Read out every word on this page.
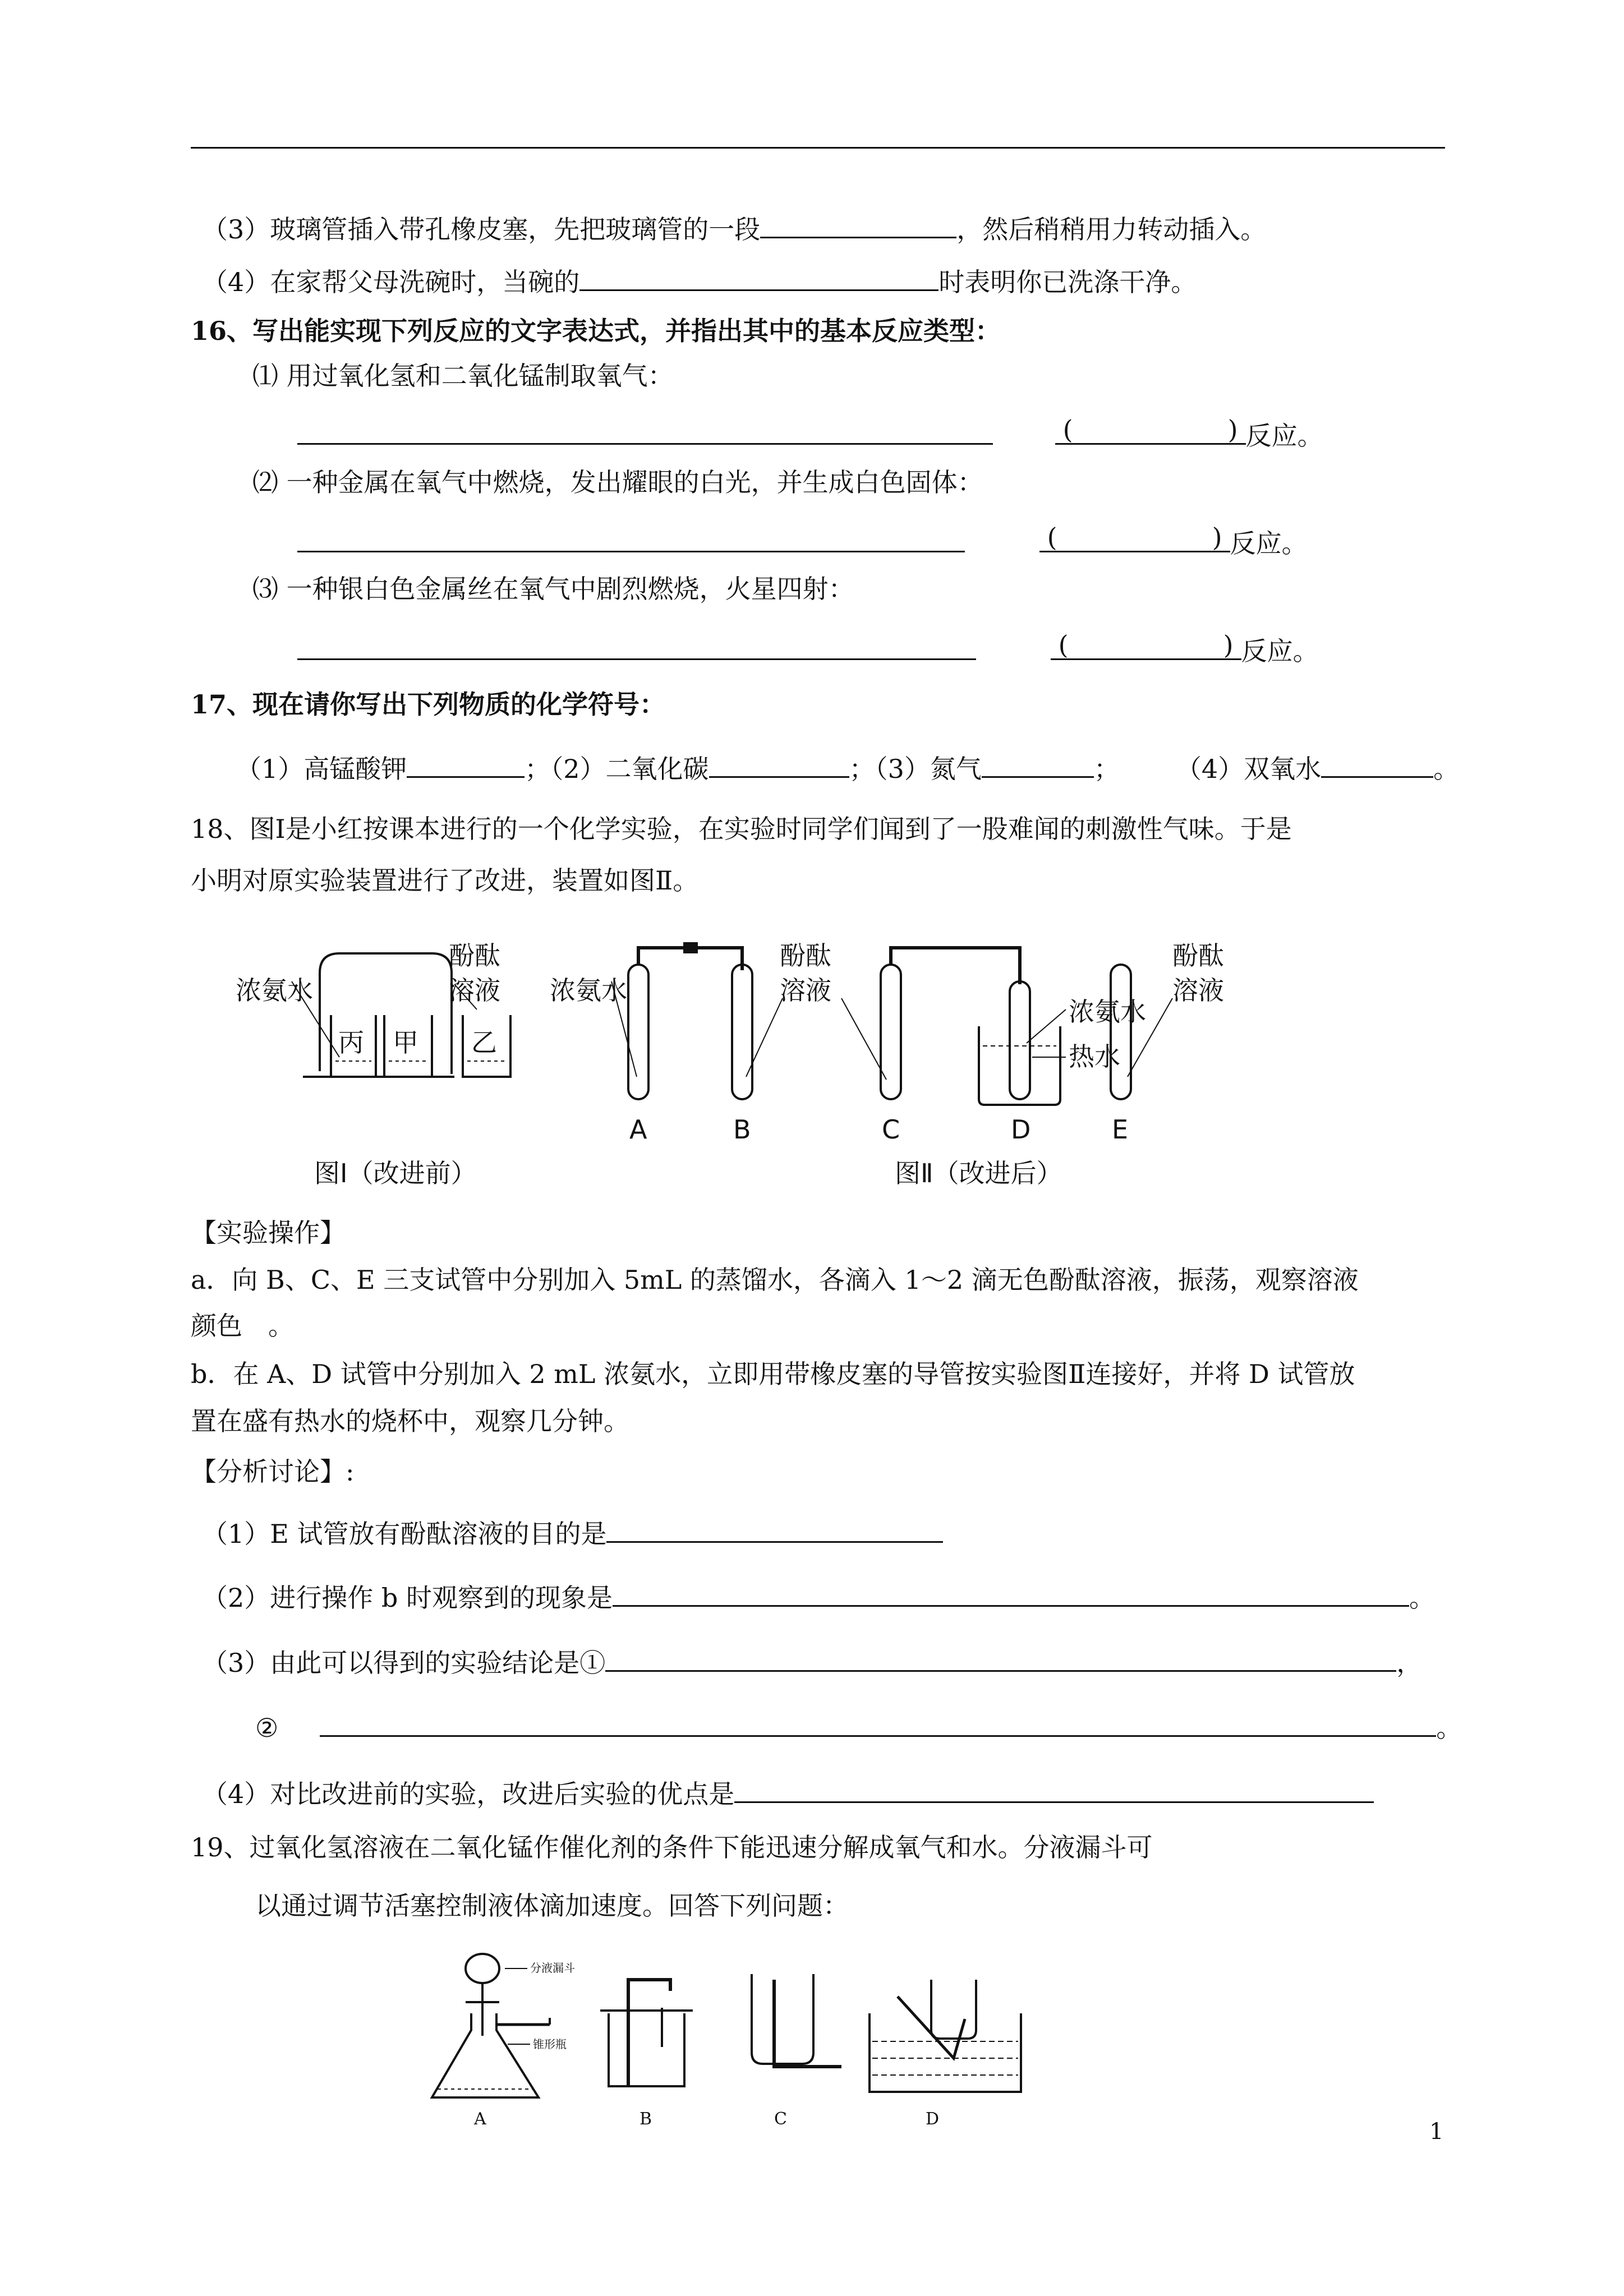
（3）玻璃管插入带孔橡皮塞，先把玻璃管的一段	，然后稍稍用力转动插入。
（4）在家帮父母洗碗时，当碗的	时表明你已洗涤干净。
16、写出能实现下列反应的文字表达式，并指出其中的基本反应类型：
⑴ 用过氧化氢和二氧化锰制取氧气：
( )反应。
⑵ 一种金属在氧气中燃烧，发出耀眼的白光，并生成白色固体：
( )反应。
⑶ 一种银白色金属丝在氧气中剧烈燃烧，火星四射：
( )反应。
17、现在请你写出下列物质的化学符号：
（1）高锰酸钾	；（2）二氧化碳	；（3）氮气	； （4）双氧水	。
18、图Ⅰ是小红按课本进行的一个化学实验，在实验时同学们闻到了一股难闻的刺激性气味。于是
小明对原实验装置进行了改进，装置如图Ⅱ。
浓氨水
酚酞
溶液
丙 甲 乙
浓氨水
酚酞
溶液
浓氨水
热水
酚酞
溶液
A	B	C	D	E
图Ⅰ（改进前）	图Ⅱ（改进后）
【实验操作】
a．向 B、C、E 三支试管中分别加入 5mL 的蒸馏水，各滴入 1～2 滴无色酚酞溶液，振荡，观察溶液
颜色　。
b．在 A、D 试管中分别加入 2 mL 浓氨水，立即用带橡皮塞的导管按实验图Ⅱ连接好，并将 D 试管放
置在盛有热水的烧杯中，观察几分钟。
【分析讨论】:
（1）E 试管放有酚酞溶液的目的是
（2）进行操作 b 时观察到的现象是	。
（3）由此可以得到的实验结论是①	，
②	。
（4）对比改进前的实验，改进后实验的优点是
19、过氧化氢溶液在二氧化锰作催化剂的条件下能迅速分解成氧气和水。分液漏斗可
以通过调节活塞控制液体滴加速度。回答下列问题：
分液漏斗
锥形瓶
A	B	C	D	1
